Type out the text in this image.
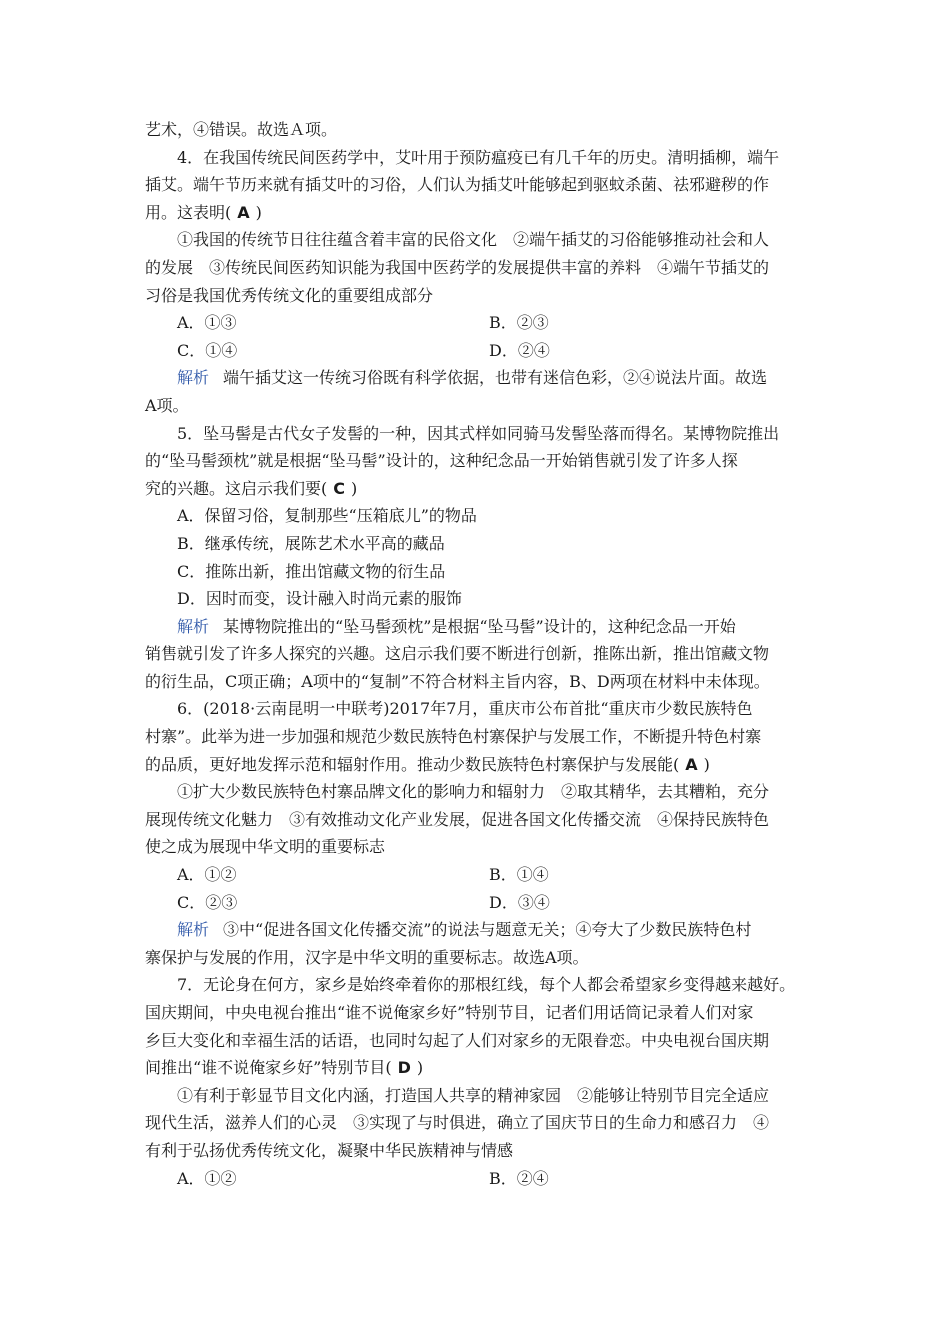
艺术，④错误。故选Ａ项。
4．在我国传统民间医药学中，艾叶用于预防瘟疫已有几千年的历史。清明插柳，端午
插艾。端午节历来就有插艾叶的习俗，人们认为插艾叶能够起到驱蚊杀菌、祛邪避秽的作
用。这表明( A )
①我国的传统节日往往蕴含着丰富的民俗文化　②端午插艾的习俗能够推动社会和人
的发展　③传统民间医药知识能为我国中医药学的发展提供丰富的养料　④端午节插艾的
习俗是我国优秀传统文化的重要组成部分
A．①③	B．②③
C．①④	D．②④
解析 端午插艾这一传统习俗既有科学依据，也带有迷信色彩，②④说法片面。故选
A项。
5．坠马髻是古代女子发髻的一种，因其式样如同骑马发髻坠落而得名。某博物院推出
的“坠马髻颈枕”就是根据“坠马髻”设计的，这种纪念品一开始销售就引发了许多人探
究的兴趣。这启示我们要( C )
A．保留习俗，复制那些“压箱底儿”的物品
B．继承传统，展陈艺术水平高的藏品
C．推陈出新，推出馆藏文物的衍生品
D．因时而变，设计融入时尚元素的服饰
解析 某博物院推出的“坠马髻颈枕”是根据“坠马髻”设计的，这种纪念品一开始
销售就引发了许多人探究的兴趣。这启示我们要不断进行创新，推陈出新，推出馆藏文物
的衍生品，C项正确；A项中的“复制”不符合材料主旨内容，B、D两项在材料中未体现。
6．(2018·云南昆明一中联考)2017年7月，重庆市公布首批“重庆市少数民族特色
村寨”。此举为进一步加强和规范少数民族特色村寨保护与发展工作，不断提升特色村寨
的品质，更好地发挥示范和辐射作用。推动少数民族特色村寨保护与发展能( A )
①扩大少数民族特色村寨品牌文化的影响力和辐射力　②取其精华，去其糟粕，充分
展现传统文化魅力　③有效推动文化产业发展，促进各国文化传播交流　④保持民族特色
使之成为展现中华文明的重要标志
A．①②	B．①④
C．②③	D．③④
解析 ③中“促进各国文化传播交流”的说法与题意无关；④夸大了少数民族特色村
寨保护与发展的作用，汉字是中华文明的重要标志。故选A项。
7．无论身在何方，家乡是始终牵着你的那根红线，每个人都会希望家乡变得越来越好。
国庆期间，中央电视台推出“谁不说俺家乡好”特别节目，记者们用话筒记录着人们对家
乡巨大变化和幸福生活的话语，也同时勾起了人们对家乡的无限眷恋。中央电视台国庆期
间推出“谁不说俺家乡好”特别节目( D )
①有利于彰显节目文化内涵，打造国人共享的精神家园　②能够让特别节目完全适应
现代生活，滋养人们的心灵　③实现了与时俱进，确立了国庆节日的生命力和感召力　④
有利于弘扬优秀传统文化，凝聚中华民族精神与情感
A．①②	B．②④
